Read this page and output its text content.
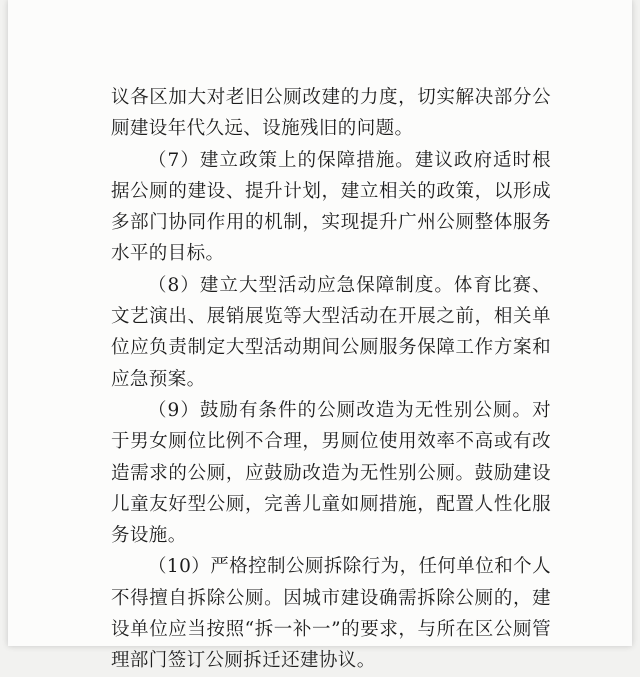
议各区加大对老旧公厕改建的力度，切实解决部分公厕建设年代久远、设施残旧的问题。

（7）建立政策上的保障措施。建议政府适时根据公厕的建设、提升计划，建立相关的政策，以形成多部门协同作用的机制，实现提升广州公厕整体服务水平的目标。

（8）建立大型活动应急保障制度。体育比赛、文艺演出、展销展览等大型活动在开展之前，相关单位应负责制定大型活动期间公厕服务保障工作方案和应急预案。

（9）鼓励有条件的公厕改造为无性别公厕。对于男女厕位比例不合理，男厕位使用效率不高或有改造需求的公厕，应鼓励改造为无性别公厕。鼓励建设儿童友好型公厕，完善儿童如厕措施，配置人性化服务设施。

（10）严格控制公厕拆除行为，任何单位和个人不得擅自拆除公厕。因城市建设确需拆除公厕的，建设单位应当按照“拆一补一”的要求，与所在区公厕管理部门签订公厕拆迁还建协议。
